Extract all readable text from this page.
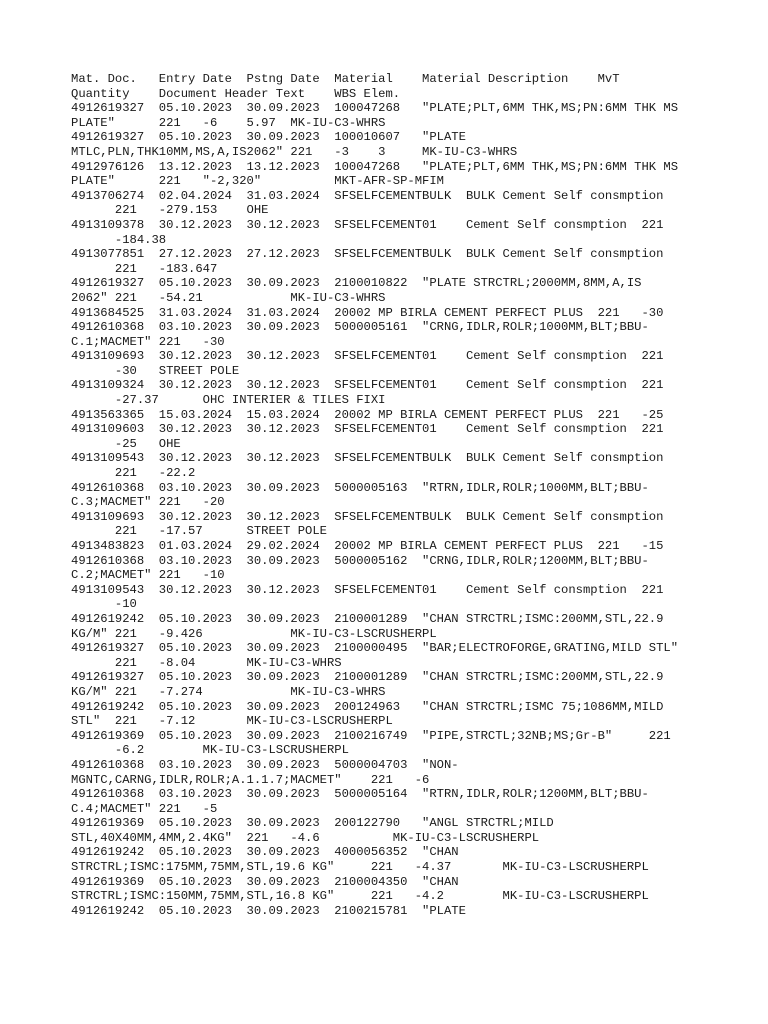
Mat. Doc.   Entry Date  Pstng Date  Material    Material Description    MvT
Quantity    Document Header Text    WBS Elem.
4912619327  05.10.2023  30.09.2023  100047268   "PLATE;PLT,6MM THK,MS;PN:6MM THK MS
PLATE"      221   -6    5.97  MK-IU-C3-WHRS
4912619327  05.10.2023  30.09.2023  100010607   "PLATE
MTLC,PLN,THK10MM,MS,A,IS2062" 221   -3    3     MK-IU-C3-WHRS
4912976126  13.12.2023  13.12.2023  100047268   "PLATE;PLT,6MM THK,MS;PN:6MM THK MS
PLATE"      221   "-2,320"          MKT-AFR-SP-MFIM
4913706274  02.04.2024  31.03.2024  SFSELFCEMENTBULK  BULK Cement Self consmption
221   -279.153    OHE
4913109378  30.12.2023  30.12.2023  SFSELFCEMENT01    Cement Self consmption  221
-184.38
4913077851  27.12.2023  27.12.2023  SFSELFCEMENTBULK  BULK Cement Self consmption
221   -183.647
4912619327  05.10.2023  30.09.2023  2100010822  "PLATE STRCTRL;2000MM,8MM,A,IS
2062" 221   -54.21            MK-IU-C3-WHRS
4913684525  31.03.2024  31.03.2024  20002 MP BIRLA CEMENT PERFECT PLUS  221   -30
4912610368  03.10.2023  30.09.2023  5000005161  "CRNG,IDLR,ROLR;1000MM,BLT;BBU-
C.1;MACMET" 221   -30
4913109693  30.12.2023  30.12.2023  SFSELFCEMENT01    Cement Self consmption  221
-30   STREET POLE
4913109324  30.12.2023  30.12.2023  SFSELFCEMENT01    Cement Self consmption  221
-27.37      OHC INTERIER & TILES FIXI
4913563365  15.03.2024  15.03.2024  20002 MP BIRLA CEMENT PERFECT PLUS  221   -25
4913109603  30.12.2023  30.12.2023  SFSELFCEMENT01    Cement Self consmption  221
-25   OHE
4913109543  30.12.2023  30.12.2023  SFSELFCEMENTBULK  BULK Cement Self consmption
221   -22.2
4912610368  03.10.2023  30.09.2023  5000005163  "RTRN,IDLR,ROLR;1000MM,BLT;BBU-
C.3;MACMET" 221   -20
4913109693  30.12.2023  30.12.2023  SFSELFCEMENTBULK  BULK Cement Self consmption
221   -17.57      STREET POLE
4913483823  01.03.2024  29.02.2024  20002 MP BIRLA CEMENT PERFECT PLUS  221   -15
4912610368  03.10.2023  30.09.2023  5000005162  "CRNG,IDLR,ROLR;1200MM,BLT;BBU-
C.2;MACMET" 221   -10
4913109543  30.12.2023  30.12.2023  SFSELFCEMENT01    Cement Self consmption  221
-10
4912619242  05.10.2023  30.09.2023  2100001289  "CHAN STRCTRL;ISMC:200MM,STL,22.9
KG/M" 221   -9.426            MK-IU-C3-LSCRUSHERPL
4912619327  05.10.2023  30.09.2023  2100000495  "BAR;ELECTROFORGE,GRATING,MILD STL"
221   -8.04       MK-IU-C3-WHRS
4912619327  05.10.2023  30.09.2023  2100001289  "CHAN STRCTRL;ISMC:200MM,STL,22.9
KG/M" 221   -7.274            MK-IU-C3-WHRS
4912619242  05.10.2023  30.09.2023  200124963   "CHAN STRCTRL;ISMC 75;1086MM,MILD
STL"  221   -7.12       MK-IU-C3-LSCRUSHERPL
4912619369  05.10.2023  30.09.2023  2100216749  "PIPE,STRCTL;32NB;MS;Gr-B"     221
-6.2        MK-IU-C3-LSCRUSHERPL
4912610368  03.10.2023  30.09.2023  5000004703  "NON-
MGNTC,CARNG,IDLR,ROLR;A.1.1.7;MACMET"    221   -6
4912610368  03.10.2023  30.09.2023  5000005164  "RTRN,IDLR,ROLR;1200MM,BLT;BBU-
C.4;MACMET" 221   -5
4912619369  05.10.2023  30.09.2023  200122790   "ANGL STRCTRL;MILD
STL,40X40MM,4MM,2.4KG"  221   -4.6          MK-IU-C3-LSCRUSHERPL
4912619242  05.10.2023  30.09.2023  4000056352  "CHAN
STRCTRL;ISMC:175MM,75MM,STL,19.6 KG"     221   -4.37       MK-IU-C3-LSCRUSHERPL
4912619369  05.10.2023  30.09.2023  2100004350  "CHAN
STRCTRL;ISMC:150MM,75MM,STL,16.8 KG"     221   -4.2        MK-IU-C3-LSCRUSHERPL
4912619242  05.10.2023  30.09.2023  2100215781  "PLATE
